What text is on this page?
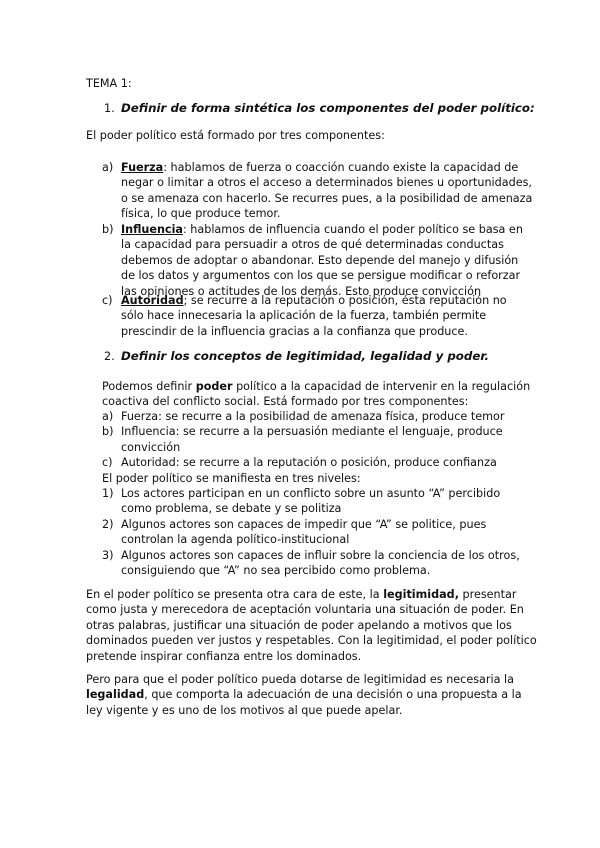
TEMA 1:

1. Definir de forma sintética los componentes del poder político:

El poder político está formado por tres componentes:

a) Fuerza: hablamos de fuerza o coacción cuando existe la capacidad de

negar o limitar a otros el acceso a determinados bienes u oportunidades,

o se amenaza con hacerlo. Se recurres pues, a la posibilidad de amenaza

física, lo que produce temor.

b) Influencia: hablamos de influencia cuando el poder político se basa en

la capacidad para persuadir a otros de qué determinadas conductas

debemos de adoptar o abandonar. Esto depende del manejo y difusión

de los datos y argumentos con los que se persigue modificar o reforzar

las opiniones o actitudes de los demás. Esto produce convicción

c) Autoridad; se recurre a la reputación o posición, ésta reputación no

sólo hace innecesaria la aplicación de la fuerza, también permite

prescindir de la influencia gracias a la confianza que produce.

2. Definir los conceptos de legitimidad, legalidad y poder.

Podemos definir poder político a la capacidad de intervenir en la regulación

coactiva del conflicto social. Está formado por tres componentes:

a) Fuerza: se recurre a la posibilidad de amenaza física, produce temor
b) Influencia: se recurre a la persuasión mediante el lenguaje, produce

convicción

c) Autoridad: se recurre a la reputación o posición, produce confianza

El poder político se manifiesta en tres niveles:

1) Los actores participan en un conflicto sobre un asunto “A” percibido

como problema, se debate y se politiza

2) Algunos actores son capaces de impedir que “A” se politice, pues

controlan la agenda político-institucional

3) Algunos actores son capaces de influir sobre la conciencia de los otros,

consiguiendo que “A” no sea percibido como problema.

En el poder político se presenta otra cara de este, la legitimidad, presentar

como justa y merecedora de aceptación voluntaria una situación de poder. En

otras palabras, justificar una situación de poder apelando a motivos que los

dominados pueden ver justos y respetables. Con la legitimidad, el poder político

pretende inspirar confianza entre los dominados.

Pero para que el poder político pueda dotarse de legitimidad es necesaria la

legalidad, que comporta la adecuación de una decisión o una propuesta a la

ley vigente y es uno de los motivos al que puede apelar.
